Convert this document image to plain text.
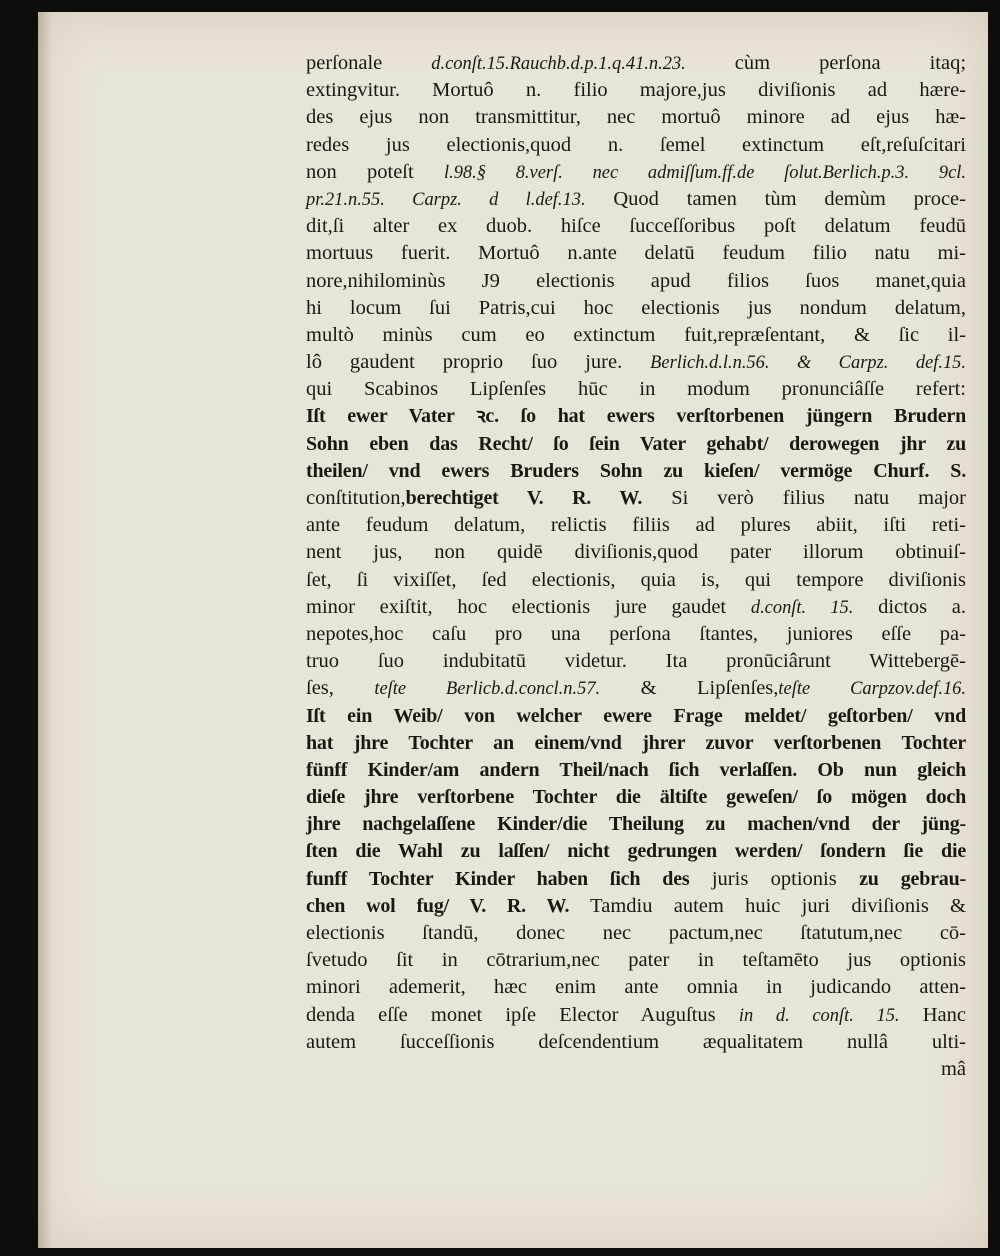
perſonale d.conſt.15.Rauchb.d.p.1.q.41.n.23. cùm perſona itaq;
extingvitur. Mortuô n. filio majore,jus diviſionis ad hære-
des ejus non transmittitur, nec mortuô minore ad ejus hæ-
redes jus electionis,quod n. ſemel extinctum eſt,reſuſcitari
non poteſt l.98.§ 8.verſ. nec admiſſum.ff.de ſolut.Berlich.p.3. 9cl.
pr.21.n.55. Carpz. d l.def.13. Quod tamen tùm demùm proce-
dit,ſi alter ex duob. hiſce ſucceſſoribus poſt delatum feudū
mortuus fuerit. Mortuô n.ante delatū feudum filio natu mi-
nore,nihilominùs J9 electionis apud filios ſuos manet,quia
hi locum ſui Patris,cui hoc electionis jus nondum delatum,
multò minùs cum eo extinctum fuit,repræſentant, & ſic il-
lô gaudent proprio ſuo jure. Berlich.d.l.n.56. & Carpz. def.15.
qui Scabinos Lipſenſes hūc in modum pronunciâſſe refert:
Iſt ewer Vater ꝛc. ſo hat ewers verſtorbenen jüngern Brudern
Sohn eben das Recht/ ſo ſein Vater gehabt/ derowegen jhr zu
theilen/ vnd ewers Bruders Sohn zu kieſen/ vermöge Churf. S.
conſtitution,berechtiget V. R. W. Si verò filius natu major
ante feudum delatum, relictis filiis ad plures abiit, iſti reti-
nent jus, non quidē diviſionis,quod pater illorum obtinuiſ-
ſet, ſi vixiſſet, ſed electionis, quia is, qui tempore diviſionis
minor exiſtit, hoc electionis jure gaudet d.conſt. 15. dictos a.
nepotes,hoc caſu pro una perſona ſtantes, juniores eſſe pa-
truo ſuo indubitatū videtur. Ita pronūciârunt Wittebergē-
ſes, teſte Berlicb.d.concl.n.57. & Lipſenſes,teſte Carpzov.def.16.
Iſt ein Weib/ von welcher ewere Frage meldet/ geſtorben/ vnd
hat jhre Tochter an einem/vnd jhrer zuvor verſtorbenen Tochter
fünff Kinder/am andern Theil/nach ſich verlaſſen. Ob nun gleich
dieſe jhre verſtorbene Tochter die ältiſte geweſen/ ſo mögen doch
jhre nachgelaſſene Kinder/die Theilung zu machen/vnd der jüng-
ſten die Wahl zu laſſen/ nicht gedrungen werden/ ſondern ſie die
funff Tochter Kinder haben ſich des juris optionis zu gebrau-
chen wol fug/ V. R. W. Tamdiu autem huic juri diviſionis &
electionis ſtandū, donec nec pactum,nec ſtatutum,nec cō-
ſvetudo ſit in cōtrarium,nec pater in teſtamēto jus optionis
minori ademerit, hæc enim ante omnia in judicando atten-
denda eſſe monet ipſe Elector Auguſtus in d. conſt. 15. Hanc
autem ſucceſſionis deſcendentium æqualitatem nullâ ulti-
mâ
